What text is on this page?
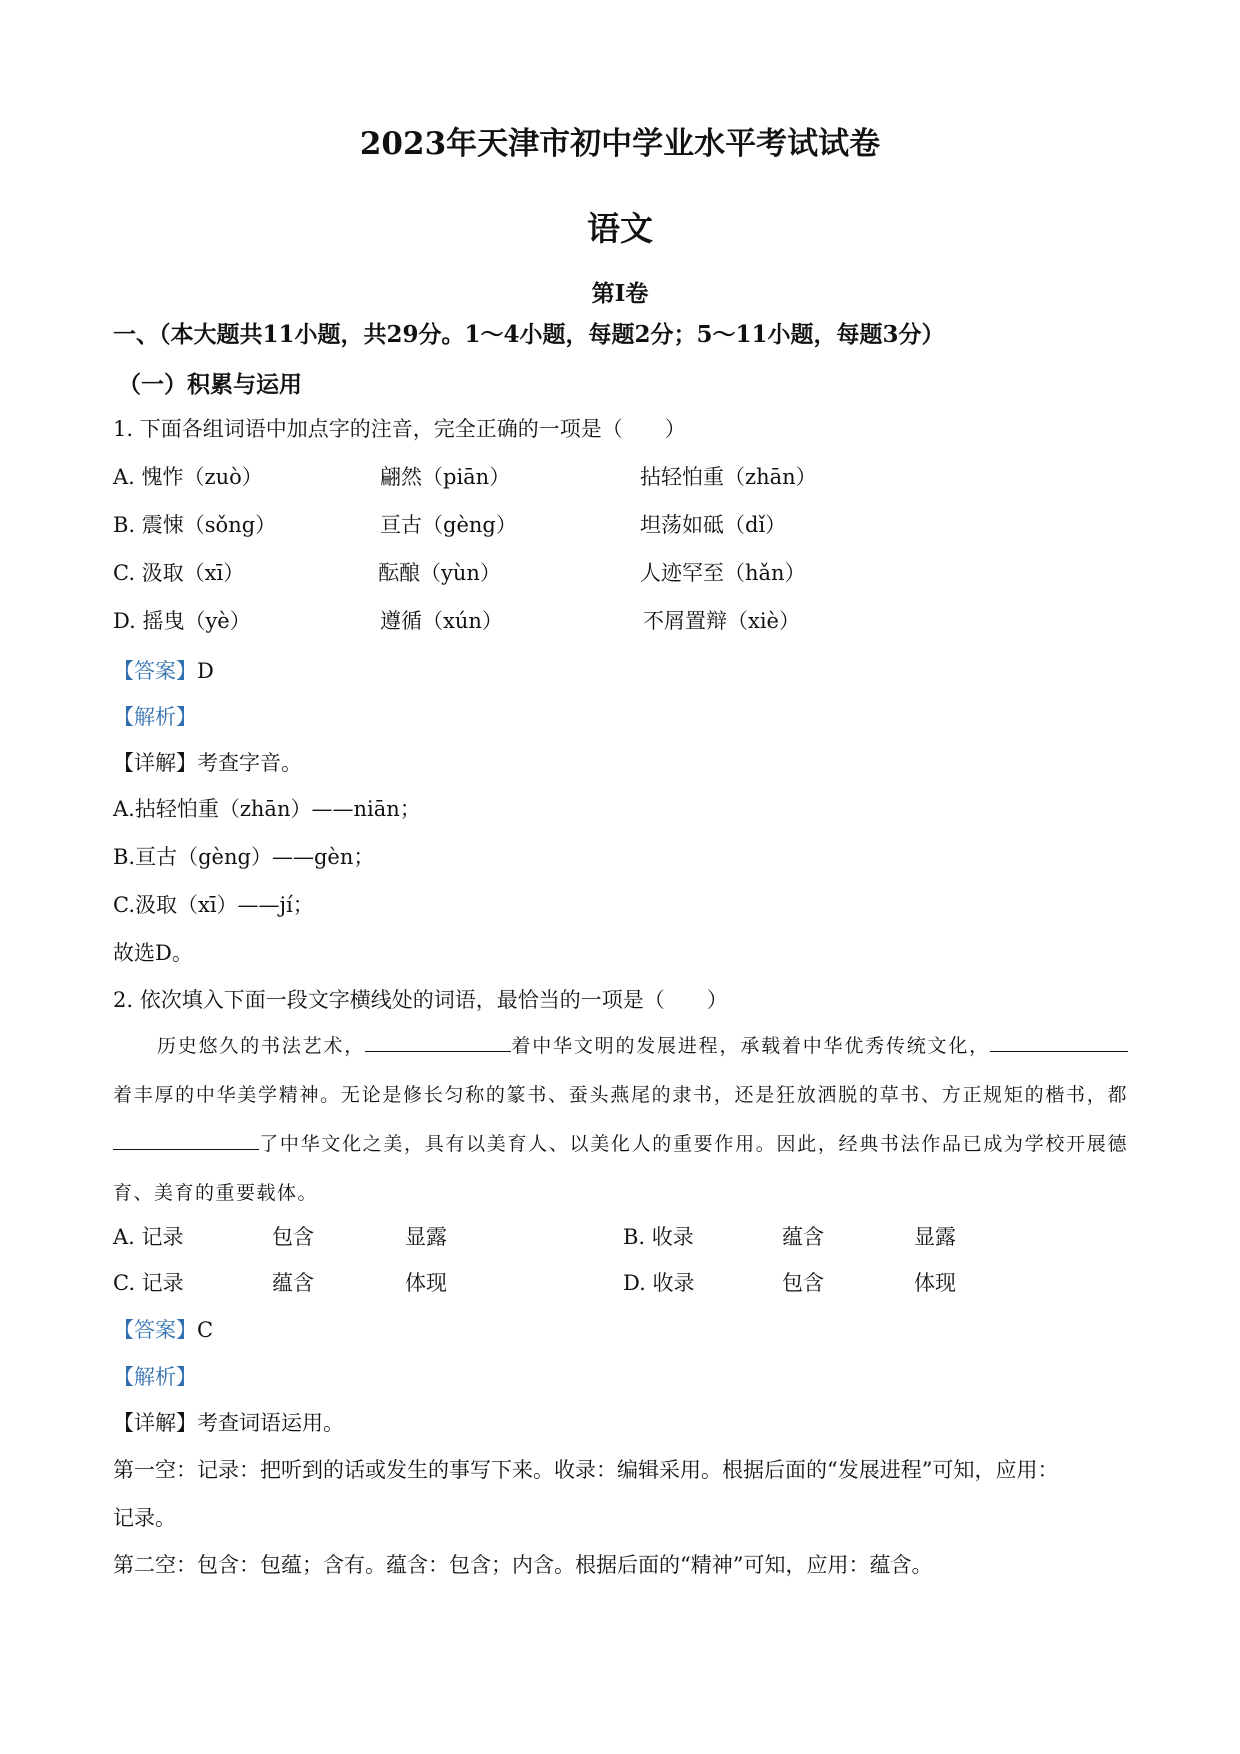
2023年天津市初中学业水平考试试卷
语文
第Ⅰ卷
一、（本大题共11小题，共29分。1～4小题，每题2分；5～11小题，每题3分）
（一）积累与运用
1. 下面各组词语中加点字的注音，完全正确的一项是（　　）
A. 愧怍（zuò）	翩然（piān）	拈轻怕重（zhān）
B. 震悚（sǒng）	亘古（gèng）	坦荡如砥（dǐ）
C. 汲取（xī）	酝酿（yùn）	人迹罕至（hǎn）
D. 摇曳（yè）	遵循（xún）	不屑置辩（xiè）
【答案】D
【解析】
【详解】考查字音。
A.拈轻怕重（zhān）——niān；
B.亘古（gèng）——gèn；
C.汲取（xī）——jí；
故选D。
2. 依次填入下面一段文字横线处的词语，最恰当的一项是（　　）
历史悠久的书法艺术，	着中华文明的发展进程，承载着中华优秀传统文化，着丰厚的中华美学精神。无论是修长匀称的篆书、蚕头燕尾的隶书，还是狂放洒脱的草书、方正规矩的楷书，都了中华文化之美，具有以美育人、以美化人的重要作用。因此，经典书法作品已成为学校开展德育、美育的重要载体。
A. 记录	包含	显露	B. 收录	蕴含	显露
C. 记录	蕴含	体现	D. 收录	包含	体现
【答案】C
【解析】
【详解】考查词语运用。
第一空：记录：把听到的话或发生的事写下来。收录：编辑采用。根据后面的“发展进程”可知，应用：
记录。
第二空：包含：包蕴；含有。蕴含：包含；内含。根据后面的“精神”可知，应用：蕴含。
